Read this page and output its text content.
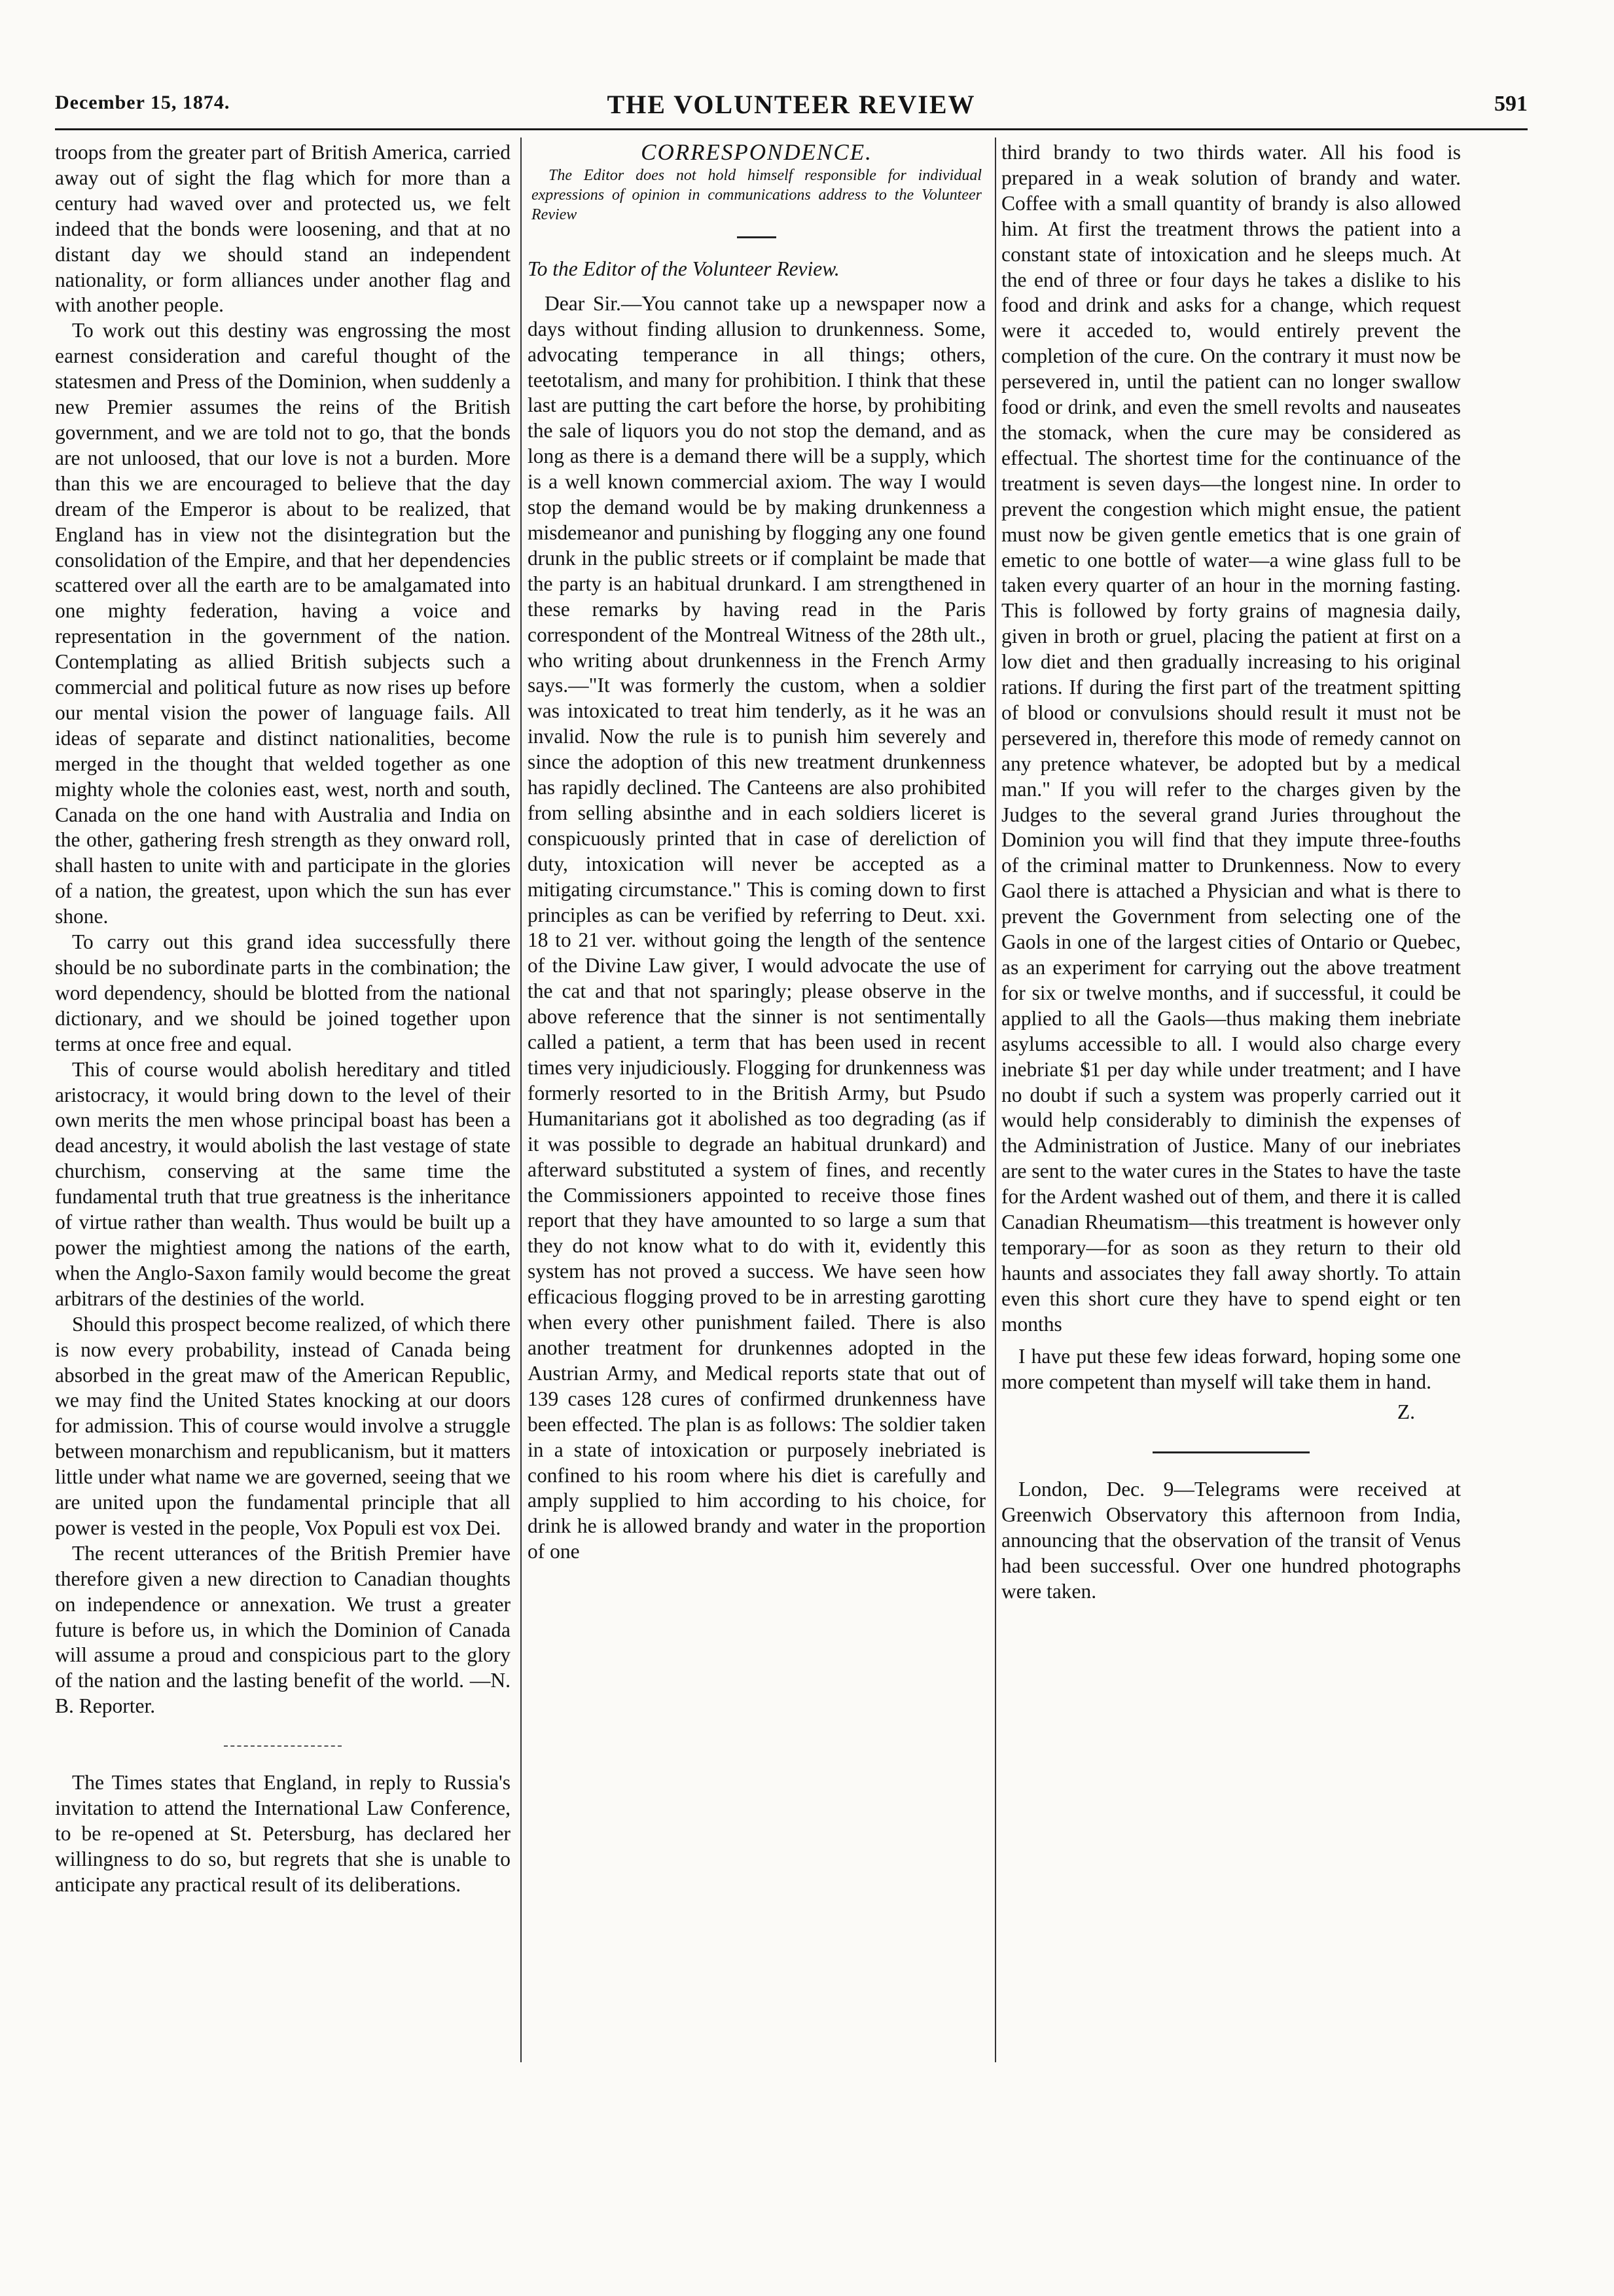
December 15, 1874.	THE VOLUNTEER REVIEW	591

troops from the greater part of British America, carried away out of sight the flag which for more than a century had waved over and protected us, we felt indeed that the bonds were loosening, and that at no distant day we should stand an independent nationality, or form alliances under another flag and with another people.

To work out this destiny was engrossing the most earnest consideration and careful thought of the statesmen and Press of the Dominion, when suddenly a new Premier assumes the reins of the British government, and we are told not to go, that the bonds are not unloosed, that our love is not a burden. More than this we are encouraged to believe that the day dream of the Emperor is about to be realized, that England has in view not the disintegration but the consolidation of the Empire, and that her dependencies scattered over all the earth are to be amalgamated into one mighty federation, having a voice and representation in the government of the nation. Contemplating as allied British subjects such a commercial and political future as now rises up before our mental vision the power of language fails. All ideas of separate and distinct nationalities, become merged in the thought that welded together as one mighty whole the colonies east, west, north and south, Canada on the one hand with Australia and India on the other, gathering fresh strength as they onward roll, shall hasten to unite with and participate in the glories of a nation, the greatest, upon which the sun has ever shone.

To carry out this grand idea successfully there should be no subordinate parts in the combination; the word dependency, should be blotted from the national dictionary, and we should be joined together upon terms at once free and equal.

This of course would abolish hereditary and titled aristocracy, it would bring down to the level of their own merits the men whose principal boast has been a dead ancestry, it would abolish the last vestage of state churchism, conserving at the same time the fundamental truth that true greatness is the inheritance of virtue rather than wealth. Thus would be built up a power the mightiest among the nations of the earth, when the Anglo-Saxon family would become the great arbitrars of the destinies of the world.

Should this prospect become realized, of which there is now every probability, instead of Canada being absorbed in the great maw of the American Republic, we may find the United States knocking at our doors for admission. This of course would involve a struggle between monarchism and republicanism, but it matters little under what name we are governed, seeing that we are united upon the fundamental principle that all power is vested in the people, Vox Populi est vox Dei.

The recent utterances of the British Premier have therefore given a new direction to Canadian thoughts on independence or annexation. We trust a greater future is before us, in which the Dominion of Canada will assume a proud and conspicious part to the glory of the nation and the lasting benefit of the world. —N. B. Reporter.

The Times states that England, in reply to Russia's invitation to attend the International Law Conference, to be re-opened at St. Petersburg, has declared her willingness to do so, but regrets that she is unable to anticipate any practical result of its deliberations.

CORRESPONDENCE.

The Editor does not hold himself responsible for individual expressions of opinion in communications address to the Volunteer Review

To the Editor of the Volunteer Review.

Dear Sir.—You cannot take up a newspaper now a days without finding allusion to drunkenness. Some, advocating temperance in all things; others, teetotalism, and many for prohibition. I think that these last are putting the cart before the horse, by prohibiting the sale of liquors you do not stop the demand, and as long as there is a demand there will be a supply, which is a well known commercial axiom. The way I would stop the demand would be by making drunkenness a misdemeanor and punishing by flogging any one found drunk in the public streets or if complaint be made that the party is an habitual drunkard. I am strengthened in these remarks by having read in the Paris correspondent of the Montreal Witness of the 28th ult., who writing about drunkenness in the French Army says.—"It was formerly the custom, when a soldier was intoxicated to treat him tenderly, as it he was an invalid. Now the rule is to punish him severely and since the adoption of this new treatment drunkenness has rapidly declined. The Canteens are also prohibited from selling absinthe and in each soldiers liceret is conspicuously printed that in case of dereliction of duty, intoxication will never be accepted as a mitigating circumstance." This is coming down to first principles as can be verified by referring to Deut. xxi. 18 to 21 ver. without going the length of the sentence of the Divine Law giver, I would advocate the use of the cat and that not sparingly; please observe in the above reference that the sinner is not sentimentally called a patient, a term that has been used in recent times very injudiciously. Flogging for drunkenness was formerly resorted to in the British Army, but Psudo Humanitarians got it abolished as too degrading (as if it was possible to degrade an habitual drunkard) and afterward substituted a system of fines, and recently the Commissioners appointed to receive those fines report that they have amounted to so large a sum that they do not know what to do with it, evidently this system has not proved a success. We have seen how efficacious flogging proved to be in arresting garotting when every other punishment failed. There is also another treatment for drunkennes adopted in the Austrian Army, and Medical reports state that out of 139 cases 128 cures of confirmed drunkenness have been effected. The plan is as follows: The soldier taken in a state of intoxication or purposely inebriated is confined to his room where his diet is carefully and amply supplied to him according to his choice, for drink he is allowed brandy and water in the proportion of one

third brandy to two thirds water. All his food is prepared in a weak solution of brandy and water. Coffee with a small quantity of brandy is also allowed him. At first the treatment throws the patient into a constant state of intoxication and he sleeps much. At the end of three or four days he takes a dislike to his food and drink and asks for a change, which request were it acceded to, would entirely prevent the completion of the cure. On the contrary it must now be persevered in, until the patient can no longer swallow food or drink, and even the smell revolts and nauseates the stomack, when the cure may be considered as effectual. The shortest time for the continuance of the treatment is seven days—the longest nine. In order to prevent the congestion which might ensue, the patient must now be given gentle emetics that is one grain of emetic to one bottle of water—a wine glass full to be taken every quarter of an hour in the morning fasting. This is followed by forty grains of magnesia daily, given in broth or gruel, placing the patient at first on a low diet and then gradually increasing to his original rations. If during the first part of the treatment spitting of blood or convulsions should result it must not be persevered in, therefore this mode of remedy cannot on any pretence whatever, be adopted but by a medical man." If you will refer to the charges given by the Judges to the several grand Juries throughout the Dominion you will find that they impute three-fouths of the criminal matter to Drunkenness. Now to every Gaol there is attached a Physician and what is there to prevent the Government from selecting one of the Gaols in one of the largest cities of Ontario or Quebec, as an experiment for carrying out the above treatment for six or twelve months, and if successful, it could be applied to all the Gaols—thus making them inebriate asylums accessible to all. I would also charge every inebriate $1 per day while under treatment; and I have no doubt if such a system was properly carried out it would help considerably to diminish the expenses of the Administration of Justice. Many of our inebriates are sent to the water cures in the States to have the taste for the Ardent washed out of them, and there it is called Canadian Rheumatism—this treatment is however only temporary—for as soon as they return to their old haunts and associates they fall away shortly. To attain even this short cure they have to spend eight or ten months

I have put these few ideas forward, hoping some one more competent than myself will take them in hand.

Z.

London, Dec. 9—Telegrams were received at Greenwich Observatory this afternoon from India, announcing that the observation of the transit of Venus had been successful. Over one hundred photographs were taken.
